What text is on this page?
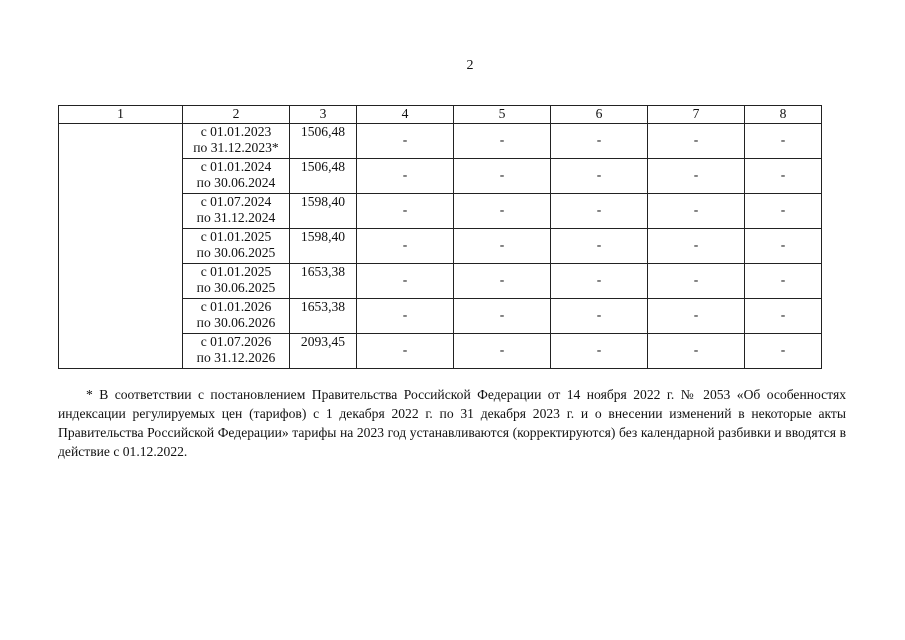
2
1	2	3	4	5	6	7	8

	с 01.01.2023
по 31.12.2023*	1506,48	-	-	-	-	-

	с 01.01.2024
по 30.06.2024	1506,48	-	-	-	-	-

	с 01.07.2024
по 31.12.2024	1598,40	-	-	-	-	-

	с 01.01.2025
по 30.06.2025	1598,40	-	-	-	-	-

	с 01.01.2025
по 30.06.2025	1653,38	-	-	-	-	-

	с 01.01.2026
по 30.06.2026	1653,38	-	-	-	-	-

	с 01.07.2026
по 31.12.2026	2093,45	-	-	-	-	-

* В соответствии с постановлением Правительства Российской Федерации от 14 ноября 2022 г. № 2053 «Об особенностях индексации регулируемых цен (тарифов) с 1 декабря 2022 г. по 31 декабря 2023 г. и о внесении изменений в некоторые акты Правительства Российской Федерации» тарифы на 2023 год устанавливаются (корректируются) без календарной разбивки и вводятся в действие с 01.12.2022.
